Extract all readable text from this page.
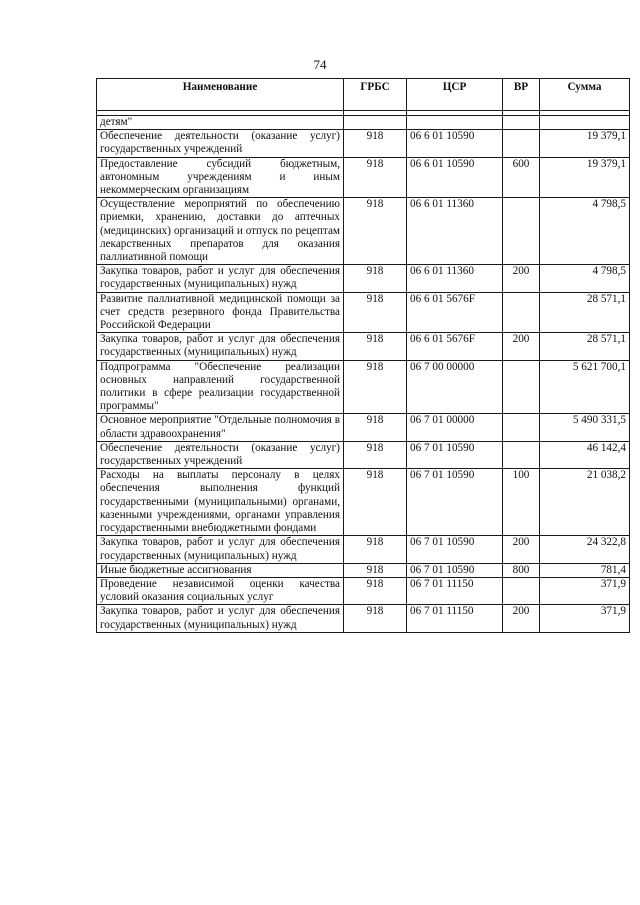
74
Наименование	ГРБС	ЦСР	ВР	Сумма

детям"				
Обеспечение деятельности (оказание услуг) государственных учреждений	918	06 6 01 10590		19 379,1
Предоставление субсидий бюджетным, автономным учреждениям и иным некоммерческим организациям	918	06 6 01 10590	600	19 379,1
Осуществление мероприятий по обеспечению приемки, хранению, доставки до аптечных (медицинских) организаций и отпуск по рецептам лекарственных препаратов для оказания паллиативной помощи	918	06 6 01 11360		4 798,5
Закупка товаров, работ и услуг для обеспечения государственных (муниципальных) нужд	918	06 6 01 11360	200	4 798,5
Развитие паллиативной медицинской помощи за счет средств резервного фонда Правительства Российской Федерации	918	06 6 01 5676F		28 571,1
Закупка товаров, работ и услуг для обеспечения государственных (муниципальных) нужд	918	06 6 01 5676F	200	28 571,1
Подпрограмма "Обеспечение реализации основных направлений государственной политики в сфере реализации государственной программы"	918	06 7 00 00000		5 621 700,1
Основное мероприятие "Отдельные полномочия в области здравоохранения"	918	06 7 01 00000		5 490 331,5
Обеспечение деятельности (оказание услуг) государственных учреждений	918	06 7 01 10590		46 142,4
Расходы на выплаты персоналу в целях обеспечения выполнения функций государственными (муниципальными) органами, казенными учреждениями, органами управления государственными внебюджетными фондами	918	06 7 01 10590	100	21 038,2
Закупка товаров, работ и услуг для обеспечения государственных (муниципальных) нужд	918	06 7 01 10590	200	24 322,8
Иные бюджетные ассигнования	918	06 7 01 10590	800	781,4
Проведение независимой оценки качества условий оказания социальных услуг	918	06 7 01 11150		371,9
Закупка товаров, работ и услуг для обеспечения государственных (муниципальных) нужд	918	06 7 01 11150	200	371,9
